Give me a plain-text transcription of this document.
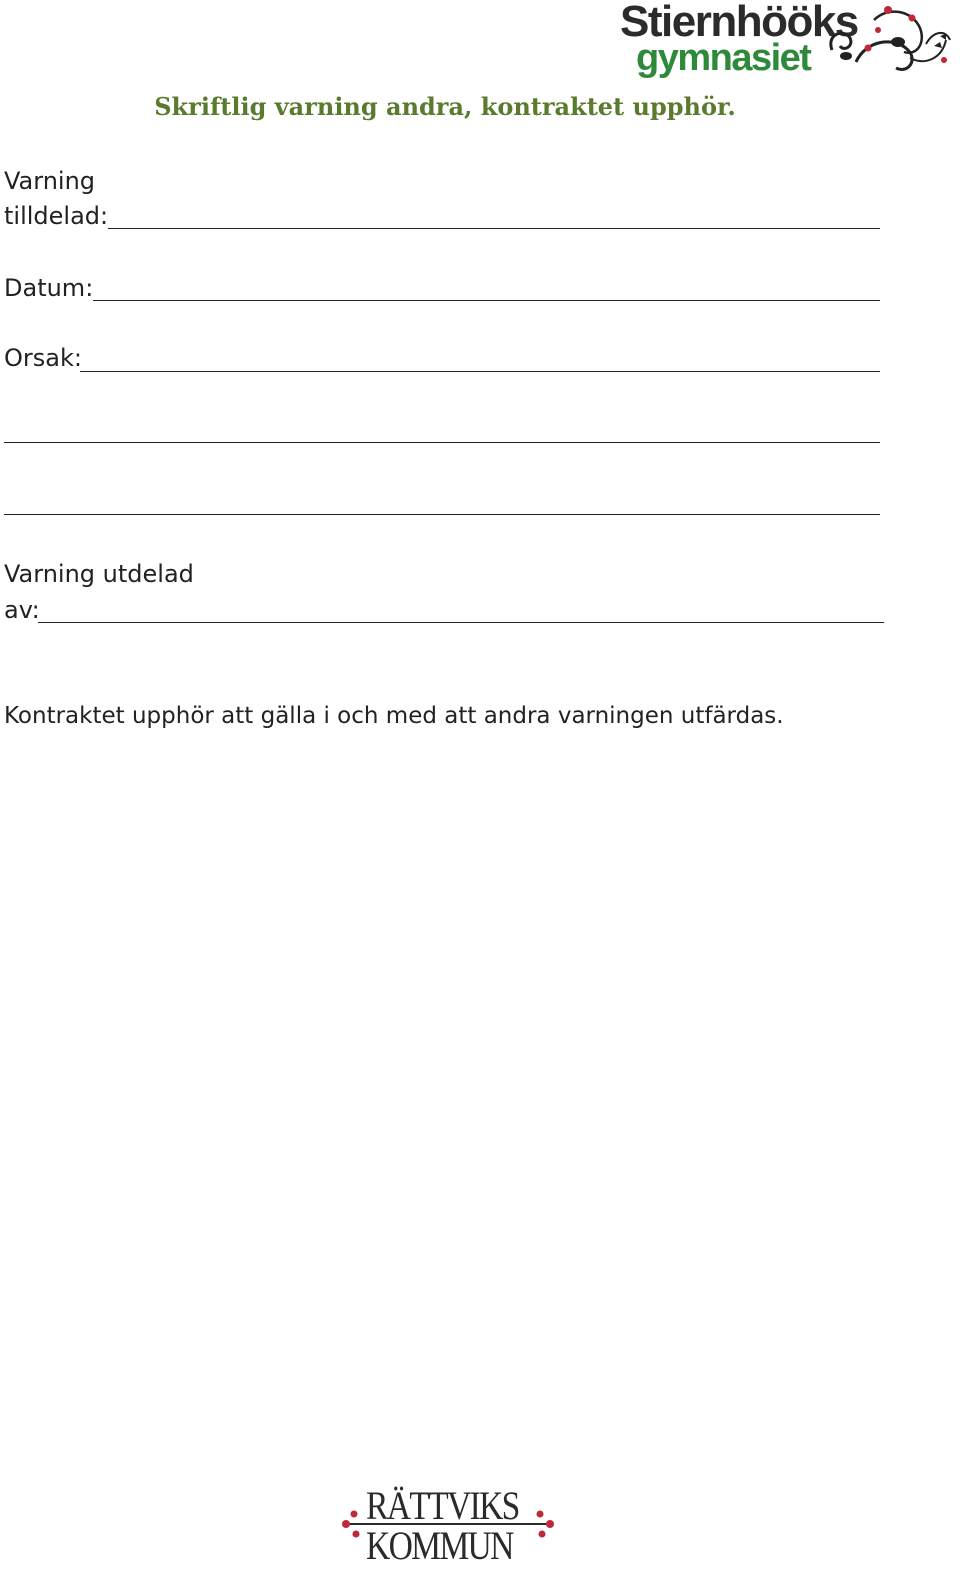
Stiernhööks
gymnasiet
Skriftlig varning andra, kontraktet upphör.
Varning
tilldelad:
Datum:
Orsak:
Varning utdelad
av:
Kontraktet upphör att gälla i och med att andra varningen utfärdas.
RÄTTVIKS
KOMMUN
